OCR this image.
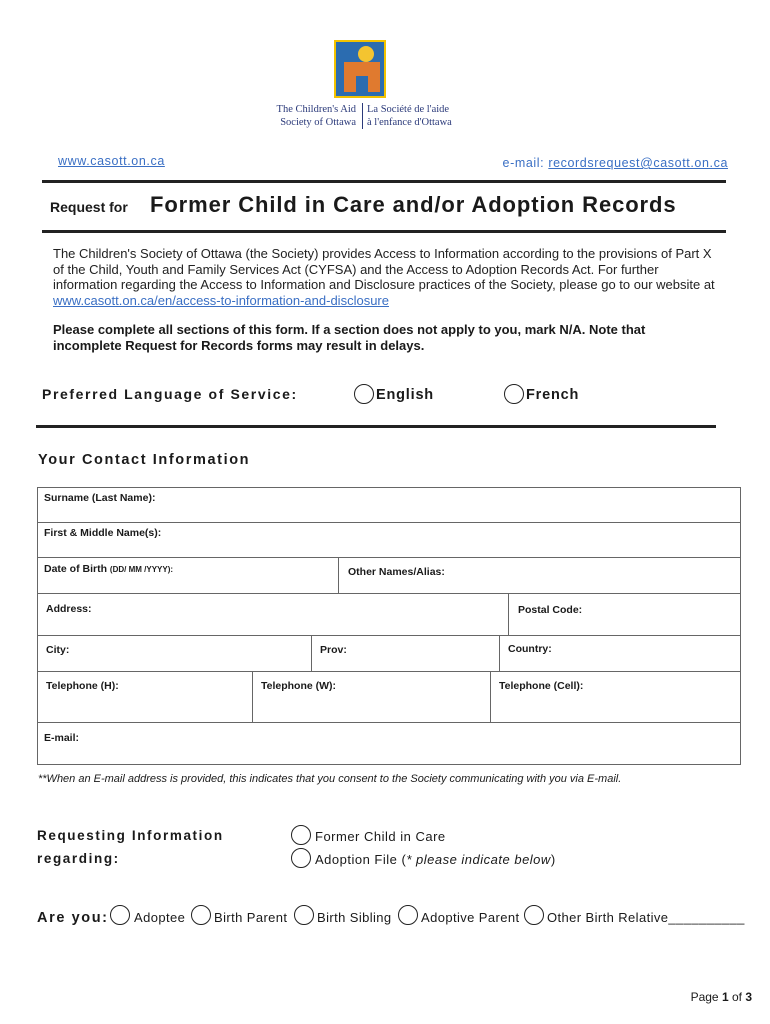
The Children's Aid
Society of Ottawa
La Société de l'aide
à l'enfance d'Ottawa
www.casott.on.ca	e-mail: recordsrequest@casott.on.ca
Request for Former Child in Care and/or Adoption Records
The Children's Society of Ottawa (the Society) provides Access to Information according to the provisions of Part X of the Child, Youth and Family Services Act (CYFSA) and the Access to Adoption Records Act. For further information regarding the Access to Information and Disclosure practices of the Society, please go to our website at www.casott.on.ca/en/access-to-information-and-disclosure
Please complete all sections of this form. If a section does not apply to you, mark N/A. Note that
incomplete Request for Records forms may result in delays.
Preferred Language of Service:	English	French
Your Contact Information
Surname (Last Name):
First & Middle Name(s):
Date of Birth (DD/ MM /YYYY):	Other Names/Alias:
Address:	Postal Code:
City:	Prov:	Country:
Telephone (H):	Telephone (W):	Telephone (Cell):
E-mail:
**When an E-mail address is provided, this indicates that you consent to the Society communicating with you via E-mail.
Requesting Information
regarding:
Former Child in Care
Adoption File (* please indicate below)
Are you: Adoptee Birth Parent Birth Sibling Adoptive Parent Other Birth Relative__________
Page 1 of 3
